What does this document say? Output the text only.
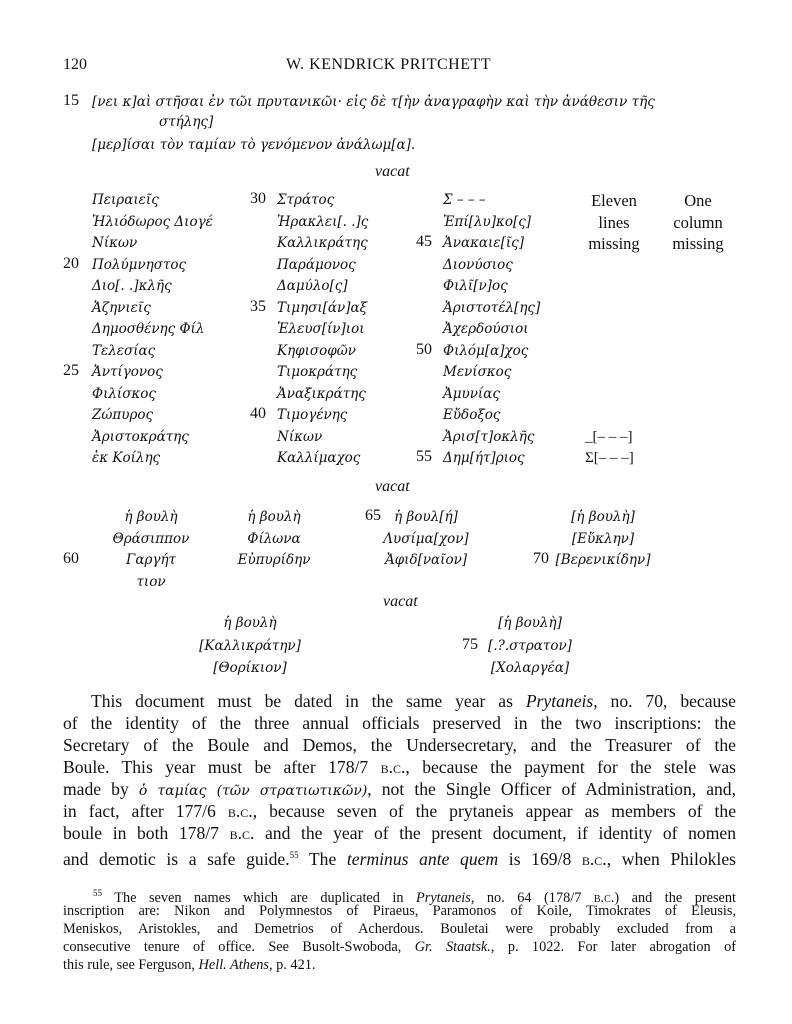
120	W. KENDRICK PRITCHETT
15 [νει κ]αὶ στῆσαι ἐν τῶι πρυτανικῶι· εἰς δὲ τ[ὴν ἀναγραφὴν καὶ τὴν ἀνάθεσιν τῆς
στήλης]
[μερ]ίσαι τὸν ταμίαν τὸ γενόμενον ἀνάλωμ[α].
vacat
Πειραιεῖς
Ἡλιόδωρος Διογέ
Νίκων
Πολύμνηστος
Διο[. .]κλῆς
Ἀζηνιεῖς
Δημοσθένης Φίλ
Τελεσίας
Ἀντίγονος
Φιλίσκος
Ζώπυρος
Ἀριστοκράτης
ἐκ Κοίλης
Στράτος
Ἡρακλει[. .]ς
Καλλικράτης
Παράμονος
Δαμύλο[ς]
Τιμησι[άν]αξ
Ἐλευσ[ίν]ιοι
Κηφισοφῶν
Τιμοκράτης
Ἀναξικράτης
Τιμογένης
Νίκων
Καλλίμαχος
Σ – – –
Ἐπί[λυ]κο[ς]
Ἀνακαιε[ῖς]
Διονύσιος
Φιλῖ[ν]ος
Ἀριστοτέλ[ης]
Ἀχερδούσιοι
Φιλόμ[α]χος
Μενίσκος
Ἀμυνίας
Εὔδοξος
Ἀρισ[τ]οκλῆς
Δημ[ήτ]ριος
Eleven
lines
missing
One
column
missing
_[– – –]
Σ[– – –]
20
25
30
35
40
45
50
55
vacat
ἡ βουλὴ
Θράσιππον
Γαργήτ
τιον
ἡ βουλὴ
Φίλωνα
Εὐπυρίδην
ἡ βουλ[ή]
Λυσίμα[χον]
Ἀφιδ[ναῖον]
[ἡ βουλὴ]
[Εὔκλην]
[Βερενικίδην]
60
65
70
vacat
ἡ βουλὴ
[Καλλικράτην]
[Θορίκιον]
[ἡ βουλὴ]
[.?.στρατον]
[Χολαργέα]
75
This document must be dated in the same year as Prytaneis, no. 70, because
of the identity of the three annual officials preserved in the two inscriptions: the
Secretary of the Boule and Demos, the Undersecretary, and the Treasurer of the
Boule. This year must be after 178/7 b.c., because the payment for the stele was
made by ὁ ταμίας (τῶν στρατιωτικῶν), not the Single Officer of Administration, and,
in fact, after 177/6 b.c., because seven of the prytaneis appear as members of the
boule in both 178/7 b.c. and the year of the present document, if identity of nomen
and demotic is a safe guide.$^{55}$ The terminus ante quem is 169/8 b.c., when Philokles
$^{55}$ The seven names which are duplicated in Prytaneis, no. 64 (178/7 b.c.) and the present
inscription are: Nikon and Polymnestos of Piraeus, Paramonos of Koile, Timokrates of Eleusis,
Meniskos, Aristokles, and Demetrios of Acherdous. Bouletai were probably excluded from a
consecutive tenure of office. See Busolt-Swoboda, Gr. Staatsk., p. 1022. For later abrogation of
this rule, see Ferguson, Hell. Athens, p. 421.
